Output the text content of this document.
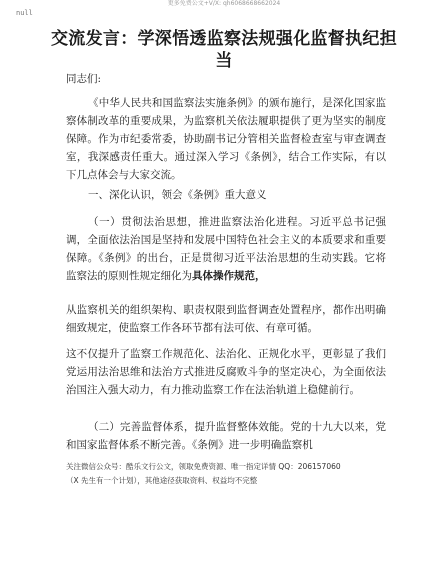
更多免费公文+V/X: qh6068668662024
null
交流发言：学深悟透监察法规强化监督执纪担当

同志们:

《中华人民共和国监察法实施条例》的颁布施行，是深化国家监察体制改革的重要成果，为监察机关依法履职提供了更为坚实的制度保障。作为市纪委常委，协助副书记分管相关监督检查室与审查调查室，我深感责任重大。通过深入学习《条例》，结合工作实际，有以下几点体会与大家交流。

一、深化认识，领会《条例》重大意义

（一）贯彻法治思想，推进监察法治化进程。习近平总书记强调，全面依法治国是坚持和发展中国特色社会主义的本质要求和重要保障。《条例》的出台，正是贯彻习近平法治思想的生动实践。它将监察法的原则性规定细化为具体操作规范，

从监察机关的组织架构、职责权限到监督调查处置程序，都作出明确细致规定，使监察工作各环节都有法可依、有章可循。

这不仅提升了监察工作规范化、法治化、正规化水平，更彰显了我们党运用法治思维和法治方式推进反腐败斗争的坚定决心，为全面依法治国注入强大动力，有力推动监察工作在法治轨道上稳健前行。

（二）完善监督体系，提升监督整体效能。党的十九大以来，党和国家监督体系不断完善。《条例》进一步明确监察机

关注微信公众号：酷乐文行公文，领取免费资源、唯一指定详情 QQ：206157060
（X 先生有一个计划），其他途径获取资料、权益均不完整
